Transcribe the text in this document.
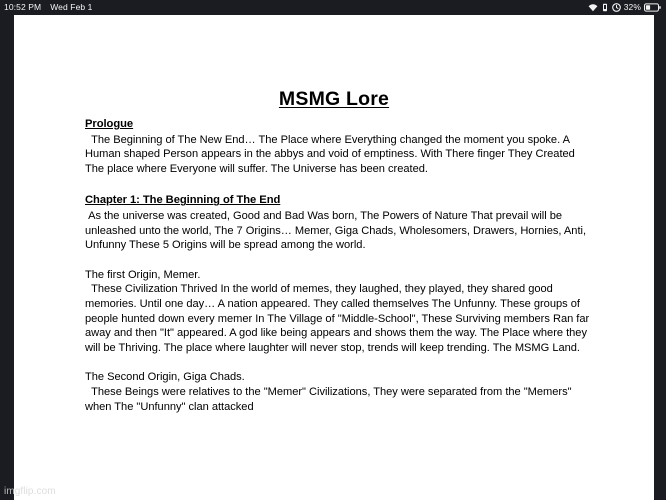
10:52 PM Wed Feb 1	32%
MSMG Lore
Prologue
The Beginning of The New End… The Place where Everything changed the moment you spoke. A Human shaped Person appears in the abbys and void of emptiness. With There finger They Created The place where Everyone will suffer. The Universe has been created.
Chapter 1: The Beginning of The End
As the universe was created, Good and Bad Was born, The Powers of Nature That prevail will be unleashed unto the world, The 7 Origins… Memer, Giga Chads, Wholesomers, Drawers, Hornies, Anti, Unfunny These 5 Origins will be spread among the world.
The first Origin, Memer.
These Civilization Thrived In the world of memes, they laughed, they played, they shared good memories. Until one day… A nation appeared. They called themselves The Unfunny. These groups of people hunted down every memer In The Village of "Middle-School", These Surviving members Ran far away and then "It" appeared. A god like being appears and shows them the way. The Place where they will be Thriving. The place where laughter will never stop, trends will keep trending. The MSMG Land.
The Second Origin, Giga Chads.
These Beings were relatives to the "Memer" Civilizations, They were separated from the "Memers" when The "Unfunny" clan attacked
imgflip.com
